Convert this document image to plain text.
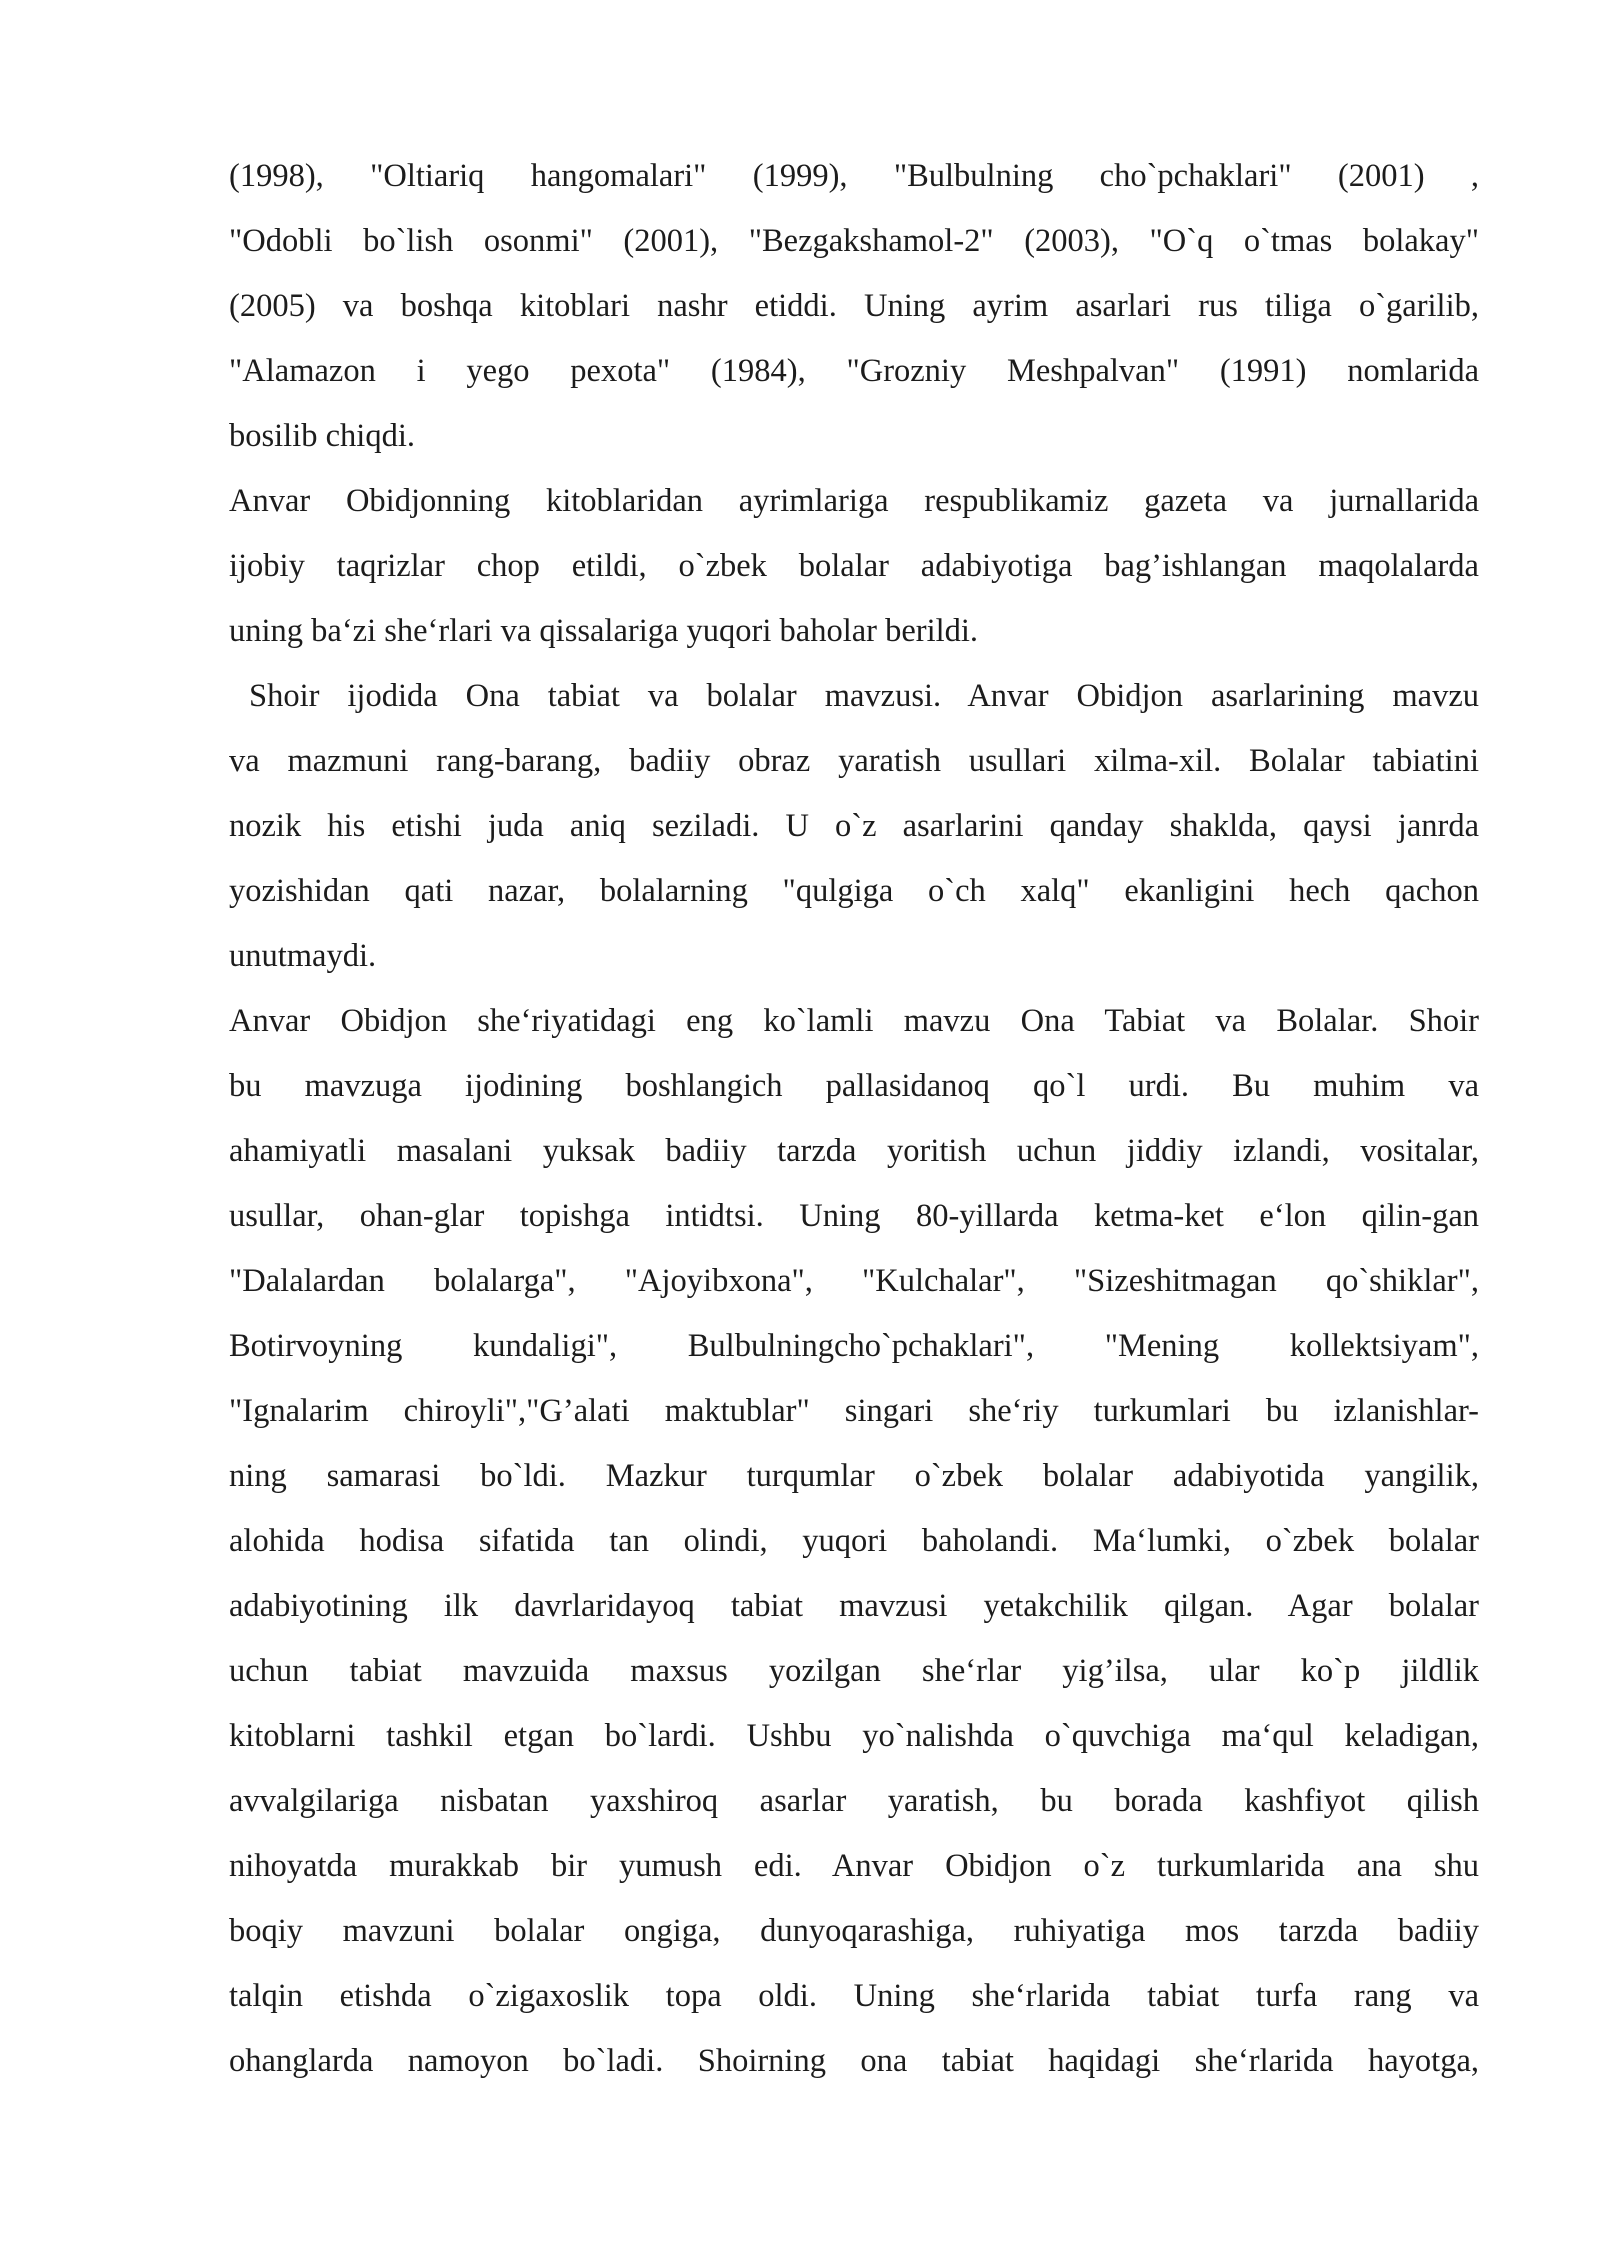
(1998), "Oltiariq hangomalari" (1999), "Bulbulning cho`pchaklari" (2001) ,
"Odobli bo`lish osonmi" (2001), "Bezgakshamol-2" (2003), "O`q o`tmas bolakay"
(2005) va boshqa kitoblari nashr etiddi. Uning ayrim asarlari rus tiliga o`garilib,
"Alamazon i yego pexota" (1984), "Grozniy Meshpalvan" (1991) nomlarida
bosilib chiqdi.
Anvar Obidjonning kitoblaridan ayrimlariga respublikamiz gazeta va jurnallarida
ijobiy taqrizlar chop etildi, o`zbek bolalar adabiyotiga bag’ishlangan maqolalarda
uning ba‘zi she‘rlari va qissalariga yuqori baholar berildi.
Shoir ijodida Ona tabiat va bolalar mavzusi. Anvar Obidjon asarlarining mavzu
va mazmuni rang-barang, badiiy obraz yaratish usullari xilma-xil. Bolalar tabiatini
nozik his etishi juda aniq seziladi. U o`z asarlarini qanday shaklda, qaysi janrda
yozishidan qati nazar, bolalarning "qulgiga o`ch xalq" ekanligini hech qachon
unutmaydi.
Anvar Obidjon she‘riyatidagi eng ko`lamli mavzu Ona Tabiat va Bolalar. Shoir
bu mavzuga ijodining boshlangich pallasidanoq qo`l urdi. Bu muhim va
ahamiyatli masalani yuksak badiiy tarzda yoritish uchun jiddiy izlandi, vositalar,
usullar, ohan-glar topishga intidtsi. Uning 80-yillarda ketma-ket e‘lon qilin-gan
"Dalalardan bolalarga", "Ajoyibxona", "Kulchalar", "Sizeshitmagan qo`shiklar",
Botirvoyning kundaligi", Bulbulningcho`pchaklari", "Mening kollektsiyam",
"Ignalarim chiroyli","G’alati maktublar" singari she‘riy turkumlari bu izlanishlar-
ning samarasi bo`ldi. Mazkur turqumlar o`zbek bolalar adabiyotida yangilik,
alohida hodisa sifatida tan olindi, yuqori baholandi. Ma‘lumki, o`zbek bolalar
adabiyotining ilk davrlaridayoq tabiat mavzusi yetakchilik qilgan. Agar bolalar
uchun tabiat mavzuida maxsus yozilgan she‘rlar yig’ilsa, ular ko`p jildlik
kitoblarni tashkil etgan bo`lardi. Ushbu yo`nalishda o`quvchiga ma‘qul keladigan,
avvalgilariga nisbatan yaxshiroq asarlar yaratish, bu borada kashfiyot qilish
nihoyatda murakkab bir yumush edi. Anvar Obidjon o`z turkumlarida ana shu
boqiy mavzuni bolalar ongiga, dunyoqarashiga, ruhiyatiga mos tarzda badiiy
talqin etishda o`zigaxoslik topa oldi. Uning she‘rlarida tabiat turfa rang va
ohanglarda namoyon bo`ladi. Shoirning ona tabiat haqidagi she‘rlarida hayotga,
